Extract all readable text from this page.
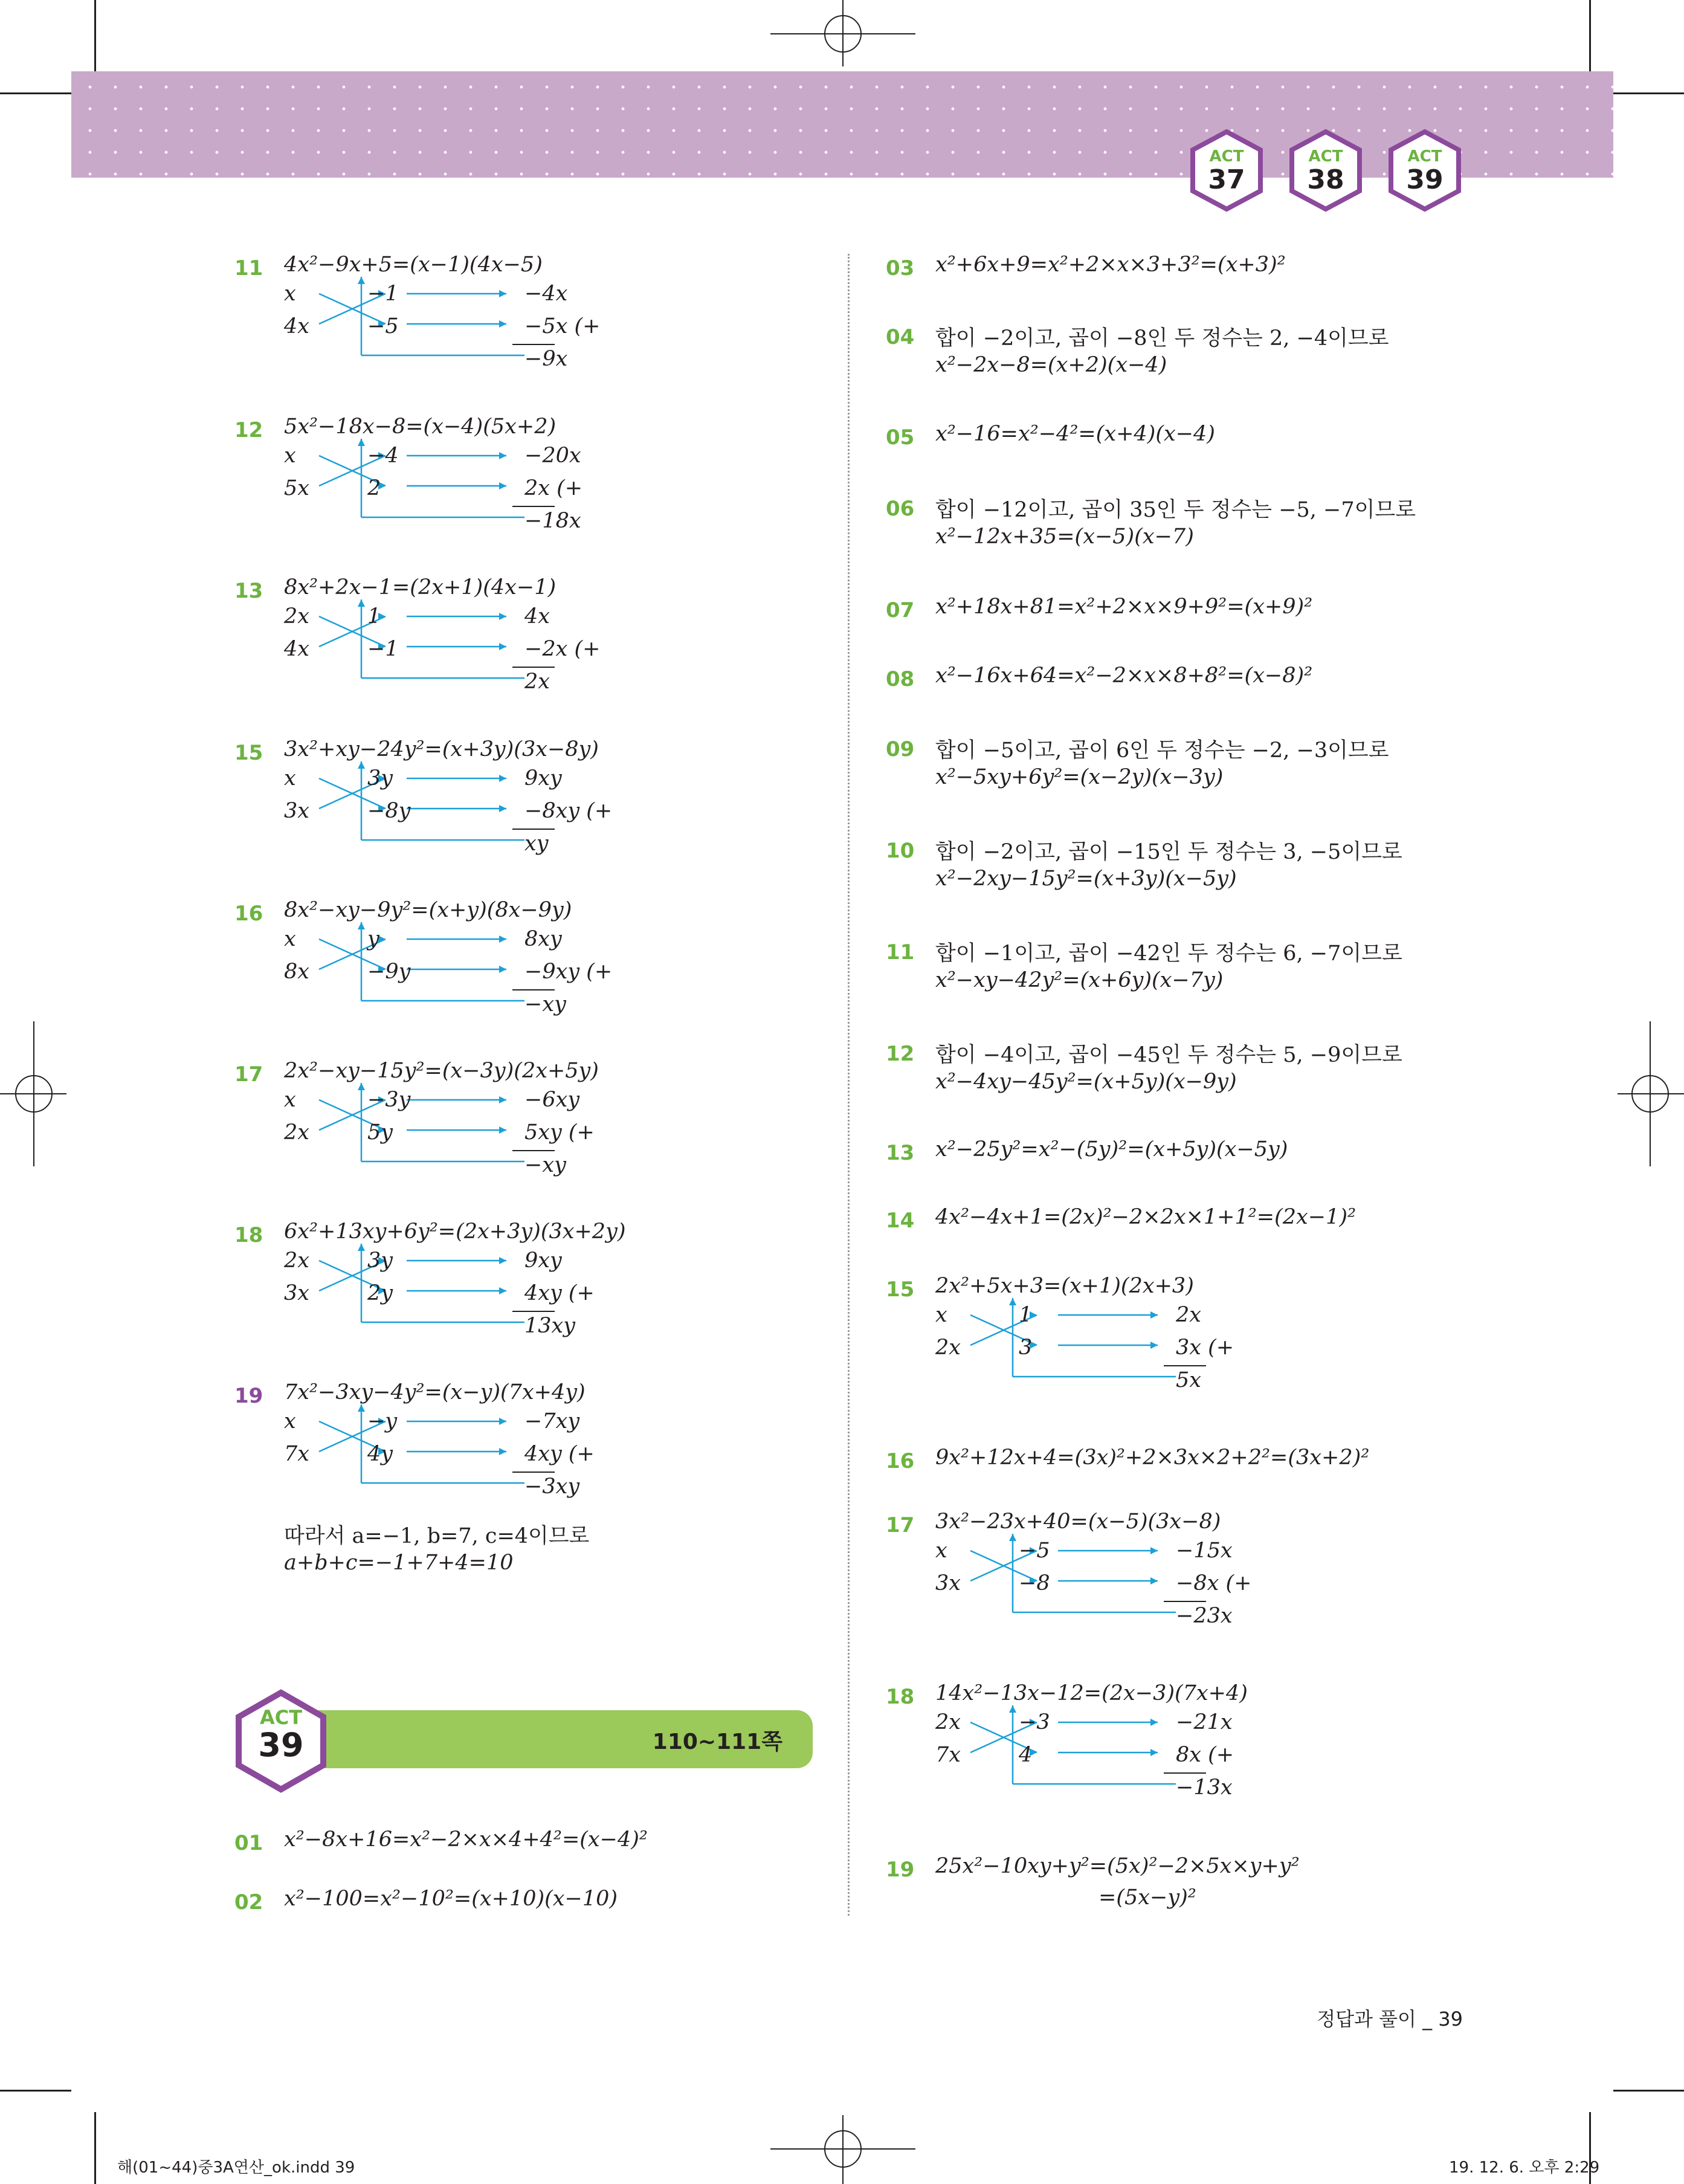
ACT
37
ACT
38
ACT
39
11 4x²−9x+5=(x−1)(4x−5)
x	−1	−4x
4x	−5	−5x (+
−9x
12 5x²−18x−8=(x−4)(5x+2)
x	−4	−20x
5x	2	2x (+
−18x
13 8x²+2x−1=(2x+1)(4x−1)
2x	1	4x
4x	−1	−2x (+
2x
15 3x²+xy−24y²=(x+3y)(3x−8y)
x	3y	9xy
3x	−8y	−8xy (+
xy
16 8x²−xy−9y²=(x+y)(8x−9y)
x	y	8xy
8x	−9y	−9xy (+
−xy
17 2x²−xy−15y²=(x−3y)(2x+5y)
x	−3y	−6xy
2x	5y	5xy (+
−xy
18 6x²+13xy+6y²=(2x+3y)(3x+2y)
2x	3y	9xy
3x	2y	4xy (+
13xy
19 7x²−3xy−4y²=(x−y)(7x+4y)
x	−y	−7xy
7x	4y	4xy (+
−3xy
따라서 a=−1, b=7, c=4이므로
a+b+c=−1+7+4=10
110~111쪽
ACT
39
01 x²−8x+16=x²−2×x×4+4²=(x−4)²
02 x²−100=x²−10²=(x+10)(x−10)
03 x²+6x+9=x²+2×x×3+3²=(x+3)²
04 합이 −2이고, 곱이 −8인 두 정수는 2, −4이므로
x²−2x−8=(x+2)(x−4)
05 x²−16=x²−4²=(x+4)(x−4)
06 합이 −12이고, 곱이 35인 두 정수는 −5, −7이므로
x²−12x+35=(x−5)(x−7)
07 x²+18x+81=x²+2×x×9+9²=(x+9)²
08 x²−16x+64=x²−2×x×8+8²=(x−8)²
09 합이 −5이고, 곱이 6인 두 정수는 −2, −3이므로
x²−5xy+6y²=(x−2y)(x−3y)
10 합이 −2이고, 곱이 −15인 두 정수는 3, −5이므로
x²−2xy−15y²=(x+3y)(x−5y)
11 합이 −1이고, 곱이 −42인 두 정수는 6, −7이므로
x²−xy−42y²=(x+6y)(x−7y)
12 합이 −4이고, 곱이 −45인 두 정수는 5, −9이므로
x²−4xy−45y²=(x+5y)(x−9y)
13 x²−25y²=x²−(5y)²=(x+5y)(x−5y)
14 4x²−4x+1=(2x)²−2×2x×1+1²=(2x−1)²
15 2x²+5x+3=(x+1)(2x+3)
x	1	2x
2x	3	3x (+
5x
17 3x²−23x+40=(x−5)(3x−8)
x	−5	−15x
3x	−8	−8x (+
−23x
18 14x²−13x−12=(2x−3)(7x+4)
2x	−3	−21x
7x	4	8x (+
−13x
16 9x²+12x+4=(3x)²+2×3x×2+2²=(3x+2)²
19 25x²−10xy+y²=(5x)²−2×5x×y+y²
=(5x−y)²
정답과 풀이 _ 39
해(01~44)중3A연산_ok.indd 39	19. 12. 6. 오후 2:29
